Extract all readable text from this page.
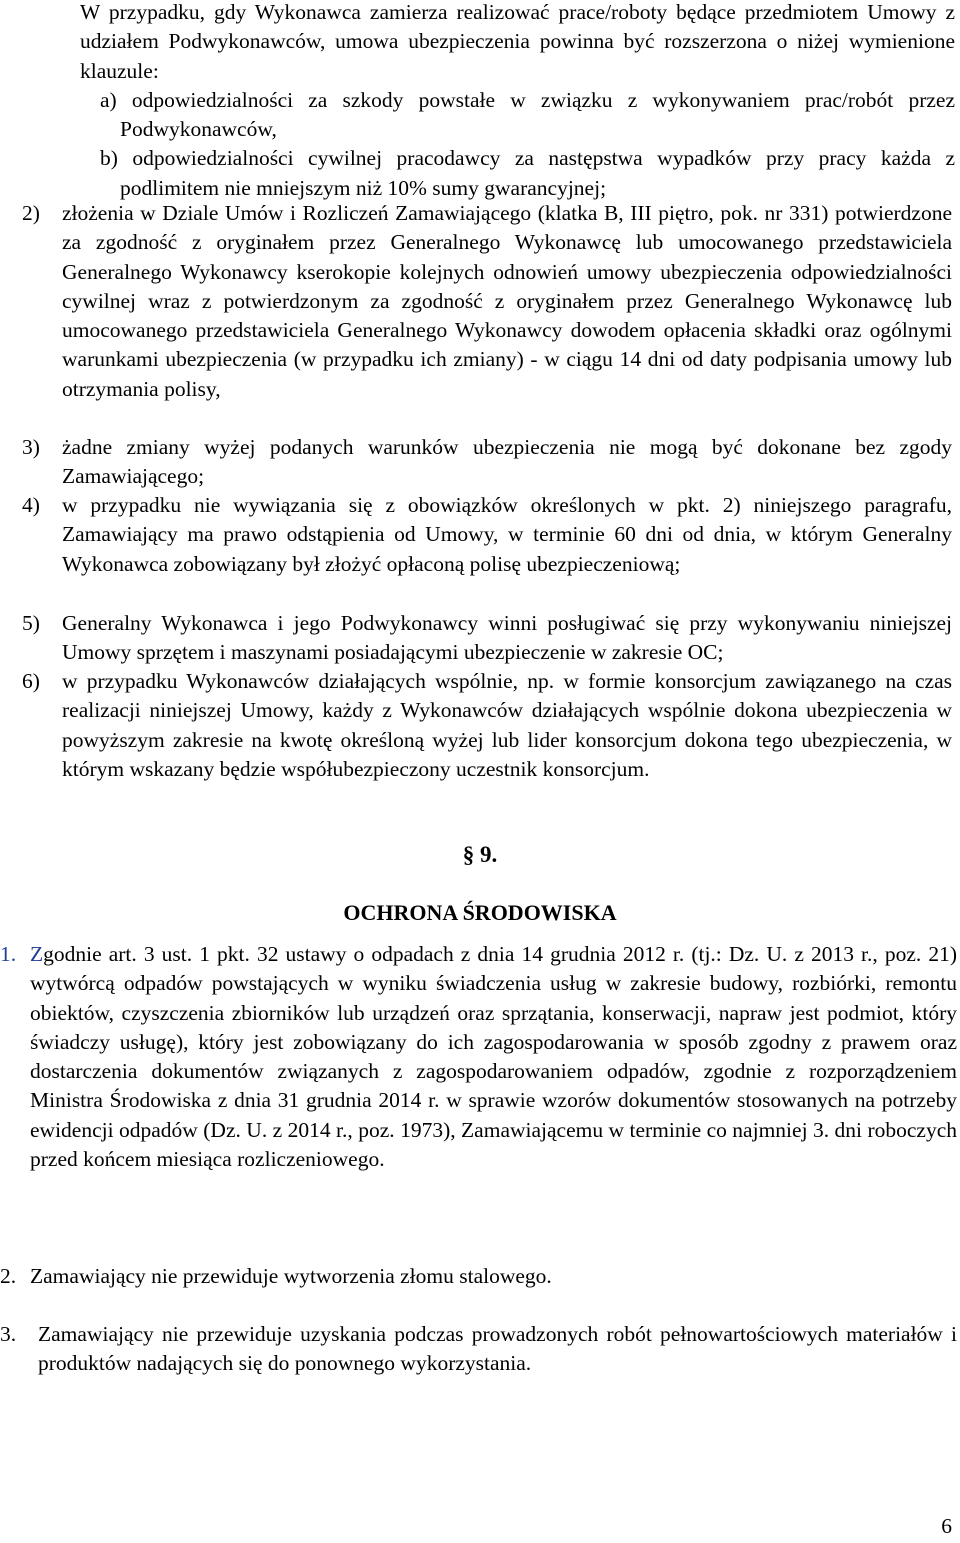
W przypadku, gdy Wykonawca zamierza realizować prace/roboty będące przedmiotem Umowy z udziałem Podwykonawców, umowa ubezpieczenia powinna być rozszerzona o niżej wymienione klauzule:
a) odpowiedzialności za szkody powstałe w związku z wykonywaniem prac/robót przez Podwykonawców,
b) odpowiedzialności cywilnej pracodawcy za następstwa wypadków przy pracy każda z podlimitem nie mniejszym niż 10% sumy gwarancyjnej;
2)	złożenia w Dziale Umów i Rozliczeń Zamawiającego (klatka B, III piętro, pok. nr 331) potwierdzone za zgodność z oryginałem przez Generalnego Wykonawcę lub umocowanego przedstawiciela Generalnego Wykonawcy kserokopie kolejnych odnowień umowy ubezpieczenia odpowiedzialności cywilnej wraz z potwierdzonym za zgodność z oryginałem przez Generalnego Wykonawcę lub umocowanego przedstawiciela Generalnego Wykonawcy dowodem opłacenia składki oraz ogólnymi warunkami ubezpieczenia (w przypadku ich zmiany) - w ciągu 14 dni od daty podpisania umowy lub otrzymania polisy,
3)	żadne zmiany wyżej podanych warunków ubezpieczenia nie mogą być dokonane bez zgody Zamawiającego;
4)	w przypadku nie wywiązania się z obowiązków określonych w pkt. 2) niniejszego paragrafu, Zamawiający ma prawo odstąpienia od Umowy, w terminie 60 dni od dnia, w którym Generalny Wykonawca zobowiązany był złożyć opłaconą polisę ubezpieczeniową;
5)	Generalny Wykonawca i jego Podwykonawcy winni posługiwać się przy wykonywaniu niniejszej Umowy sprzętem i maszynami posiadającymi ubezpieczenie w zakresie OC;
6)	w przypadku Wykonawców działających wspólnie, np. w formie konsorcjum zawiązanego na czas realizacji niniejszej Umowy, każdy z Wykonawców działających wspólnie dokona ubezpieczenia w powyższym zakresie na kwotę określoną wyżej lub lider konsorcjum dokona tego ubezpieczenia, w którym wskazany będzie współubezpieczony uczestnik konsorcjum.
§ 9.
OCHRONA ŚRODOWISKA
1. Zgodnie art. 3 ust. 1 pkt. 32 ustawy o odpadach z dnia 14 grudnia 2012 r. (tj.: Dz. U. z 2013 r., poz. 21) wytwórcą odpadów powstających w wyniku świadczenia usług w zakresie budowy, rozbiórki, remontu obiektów, czyszczenia zbiorników lub urządzeń oraz sprzątania, konserwacji, napraw jest podmiot, który świadczy usługę), który jest zobowiązany do ich zagospodarowania w sposób zgodny z prawem oraz dostarczenia dokumentów związanych z zagospodarowaniem odpadów, zgodnie z rozporządzeniem Ministra Środowiska z dnia 31 grudnia 2014 r. w sprawie wzorów dokumentów stosowanych na potrzeby ewidencji odpadów (Dz. U. z 2014 r., poz. 1973), Zamawiającemu w terminie co najmniej 3. dni roboczych przed końcem miesiąca rozliczeniowego.
2. Zamawiający nie przewiduje wytworzenia złomu stalowego.
3.	Zamawiający nie przewiduje uzyskania podczas prowadzonych robót pełnowartościowych materiałów i produktów nadających się do ponownego wykorzystania.
6
